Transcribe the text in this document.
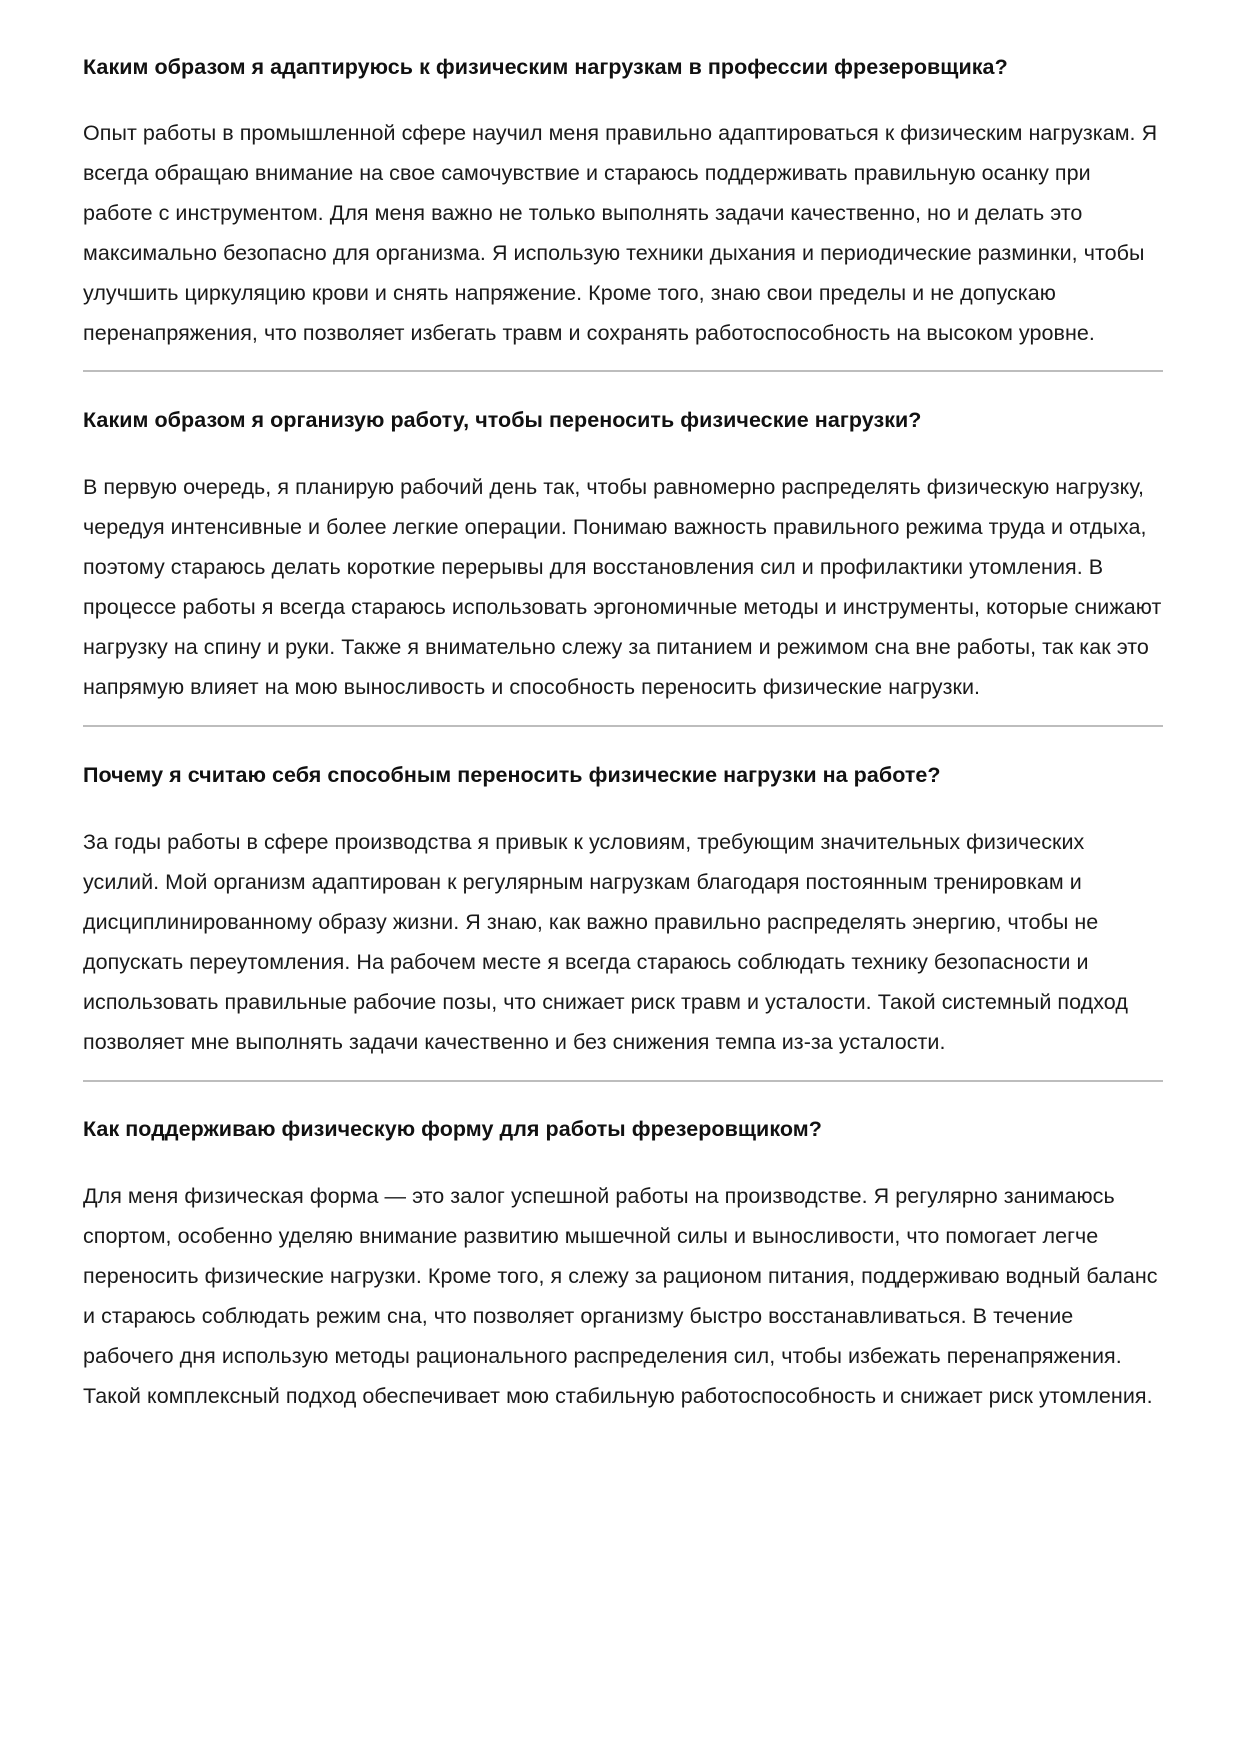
Каким образом я адаптируюсь к физическим нагрузкам в профессии фрезеровщика?

Опыт работы в промышленной сфере научил меня правильно адаптироваться к физическим нагрузкам. Я всегда обращаю внимание на свое самочувствие и стараюсь поддерживать правильную осанку при работе с инструментом. Для меня важно не только выполнять задачи качественно, но и делать это максимально безопасно для организма. Я использую техники дыхания и периодические разминки, чтобы улучшить циркуляцию крови и снять напряжение. Кроме того, знаю свои пределы и не допускаю перенапряжения, что позволяет избегать травм и сохранять работоспособность на высоком уровне.

Каким образом я организую работу, чтобы переносить физические нагрузки?

В первую очередь, я планирую рабочий день так, чтобы равномерно распределять физическую нагрузку, чередуя интенсивные и более легкие операции. Понимаю важность правильного режима труда и отдыха, поэтому стараюсь делать короткие перерывы для восстановления сил и профилактики утомления. В процессе работы я всегда стараюсь использовать эргономичные методы и инструменты, которые снижают нагрузку на спину и руки. Также я внимательно слежу за питанием и режимом сна вне работы, так как это напрямую влияет на мою выносливость и способность переносить физические нагрузки.

Почему я считаю себя способным переносить физические нагрузки на работе?

За годы работы в сфере производства я привык к условиям, требующим значительных физических усилий. Мой организм адаптирован к регулярным нагрузкам благодаря постоянным тренировкам и дисциплинированному образу жизни. Я знаю, как важно правильно распределять энергию, чтобы не допускать переутомления. На рабочем месте я всегда стараюсь соблюдать технику безопасности и использовать правильные рабочие позы, что снижает риск травм и усталости. Такой системный подход позволяет мне выполнять задачи качественно и без снижения темпа из-за усталости.

Как поддерживаю физическую форму для работы фрезеровщиком?

Для меня физическая форма — это залог успешной работы на производстве. Я регулярно занимаюсь спортом, особенно уделяю внимание развитию мышечной силы и выносливости, что помогает легче переносить физические нагрузки. Кроме того, я слежу за рационом питания, поддерживаю водный баланс и стараюсь соблюдать режим сна, что позволяет организму быстро восстанавливаться. В течение рабочего дня использую методы рационального распределения сил, чтобы избежать перенапряжения. Такой комплексный подход обеспечивает мою стабильную работоспособность и снижает риск утомления.
